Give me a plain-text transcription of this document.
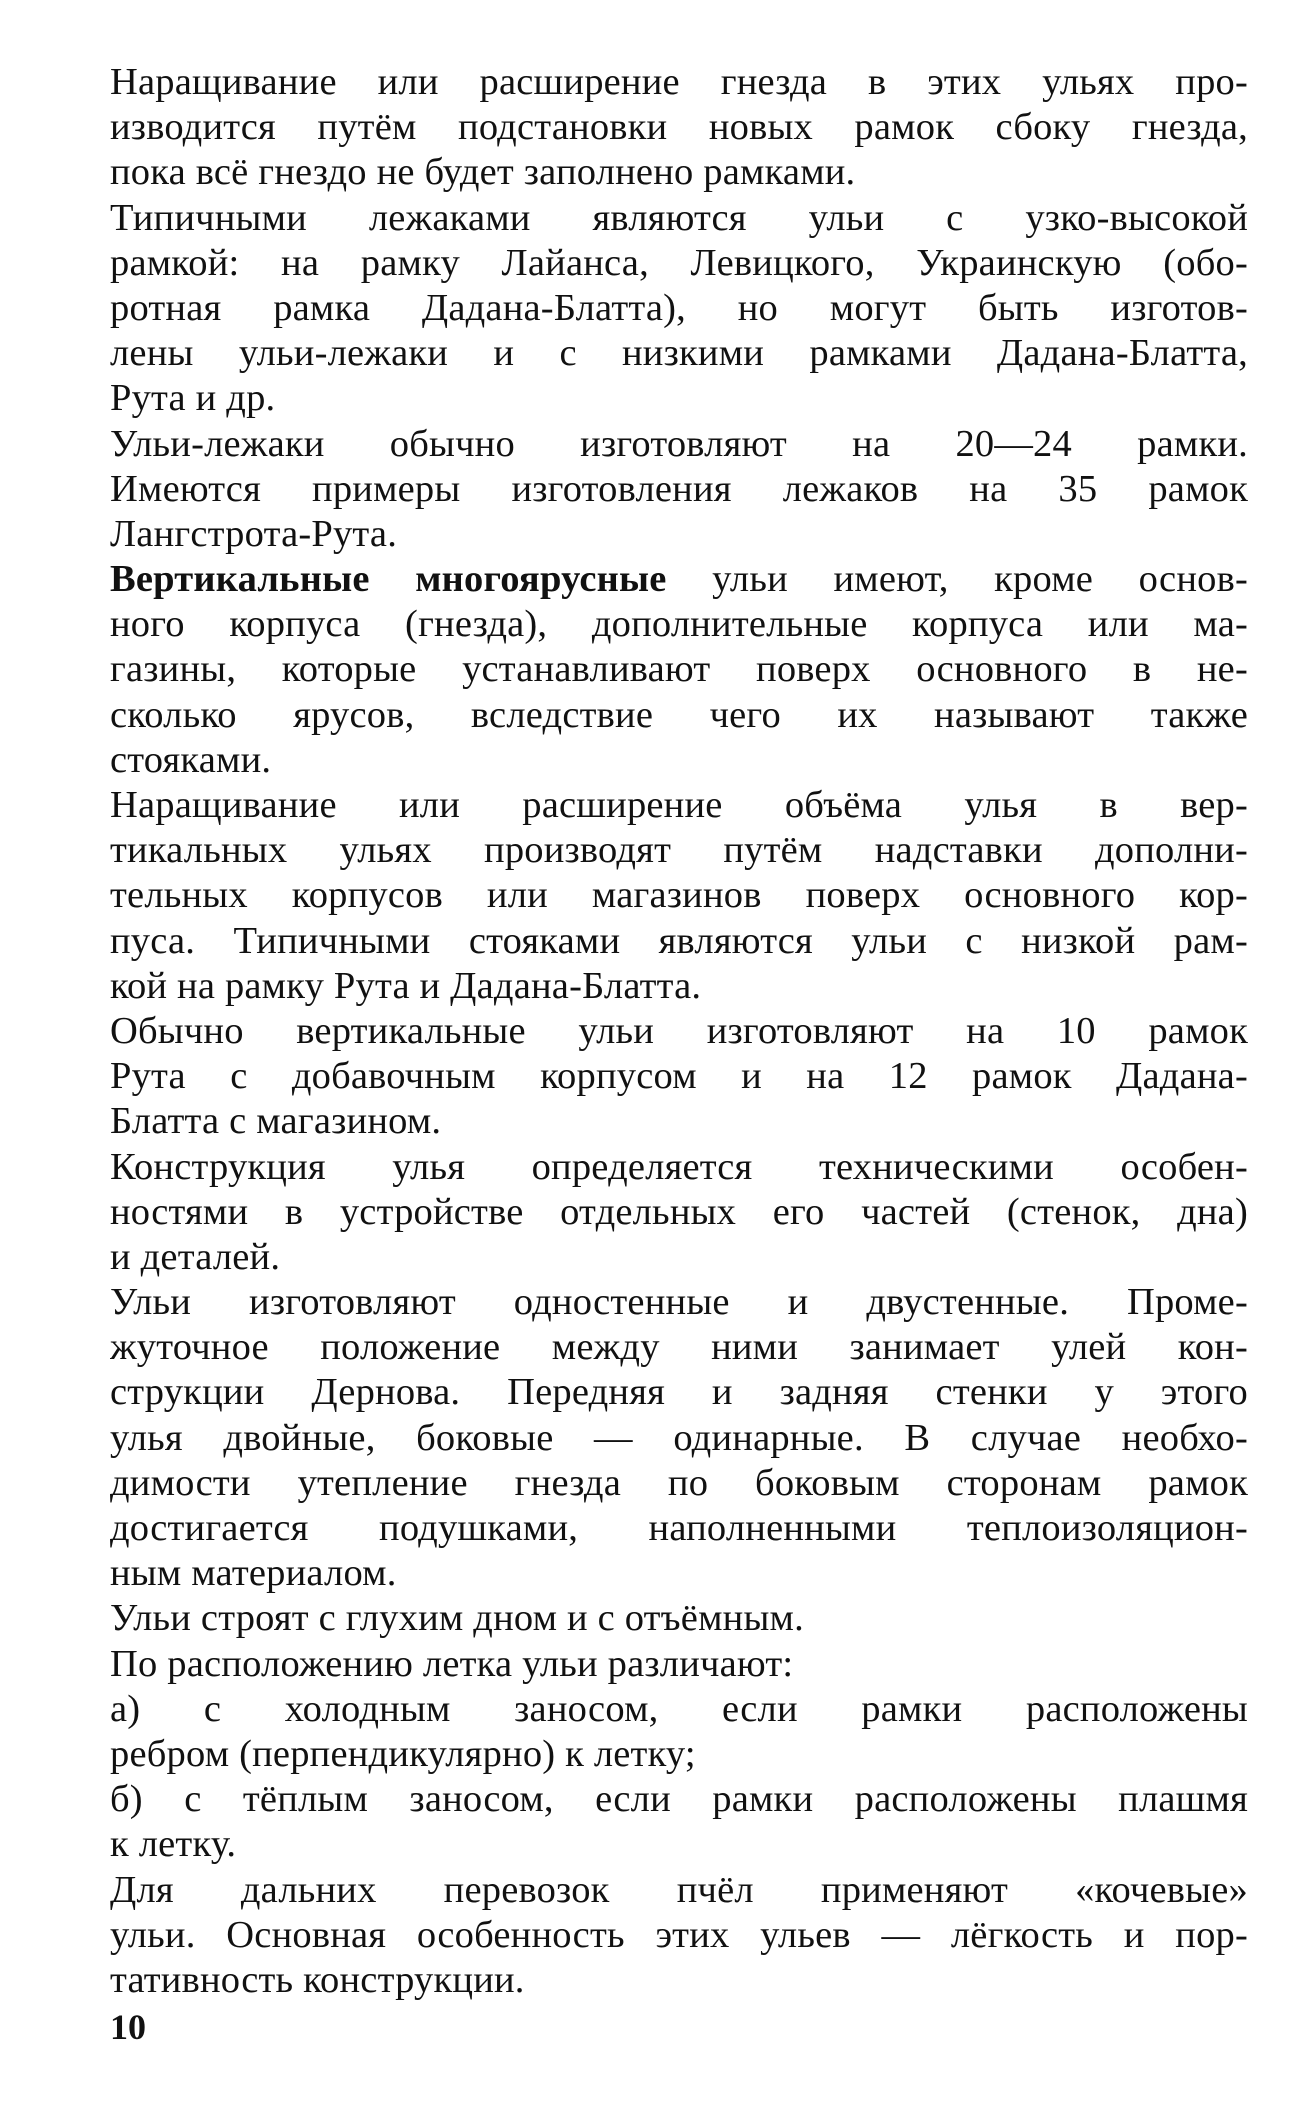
Наращивание или расширение гнезда в этих ульях про-
изводится путём подстановки новых рамок сбоку гнезда,
пока всё гнездо не будет заполнено рамками.
Типичными лежаками являются ульи с узко-высокой
рамкой: на рамку Лайанса, Левицкого, Украинскую (обо-
ротная рамка Дадана-Блатта), но могут быть изготов-
лены ульи-лежаки и с низкими рамками Дадана-Блатта,
Рута и др.
Ульи-лежаки обычно изготовляют на 20—24 рамки.
Имеются примеры изготовления лежаков на 35 рамок
Лангстрота-Рута.
Вертикальные многоярусные ульи имеют, кроме основ-
ного корпуса (гнезда), дополнительные корпуса или ма-
газины, которые устанавливают поверх основного в не-
сколько ярусов, вследствие чего их называют также
стояками.
Наращивание или расширение объёма улья в вер-
тикальных ульях производят путём надставки дополни-
тельных корпусов или магазинов поверх основного кор-
пуса. Типичными стояками являются ульи с низкой рам-
кой на рамку Рута и Дадана-Блатта.
Обычно вертикальные ульи изготовляют на 10 рамок
Рута с добавочным корпусом и на 12 рамок Дадана-
Блатта с магазином.
Конструкция улья определяется техническими особен-
ностями в устройстве отдельных его частей (стенок, дна)
и деталей.
Ульи изготовляют одностенные и двустенные. Проме-
жуточное положение между ними занимает улей кон-
струкции Дернова. Передняя и задняя стенки у этого
улья двойные, боковые — одинарные. В случае необхо-
димости утепление гнезда по боковым сторонам рамок
достигается подушками, наполненными теплоизоляцион-
ным материалом.
Ульи строят с глухим дном и с отъёмным.
По расположению летка ульи различают:
а) с холодным заносом, если рамки расположены
ребром (перпендикулярно) к летку;
б) с тёплым заносом, если рамки расположены плашмя
к летку.
Для дальних перевозок пчёл применяют «кочевые»
ульи. Основная особенность этих ульев — лёгкость и пор-
тативность конструкции.
10
